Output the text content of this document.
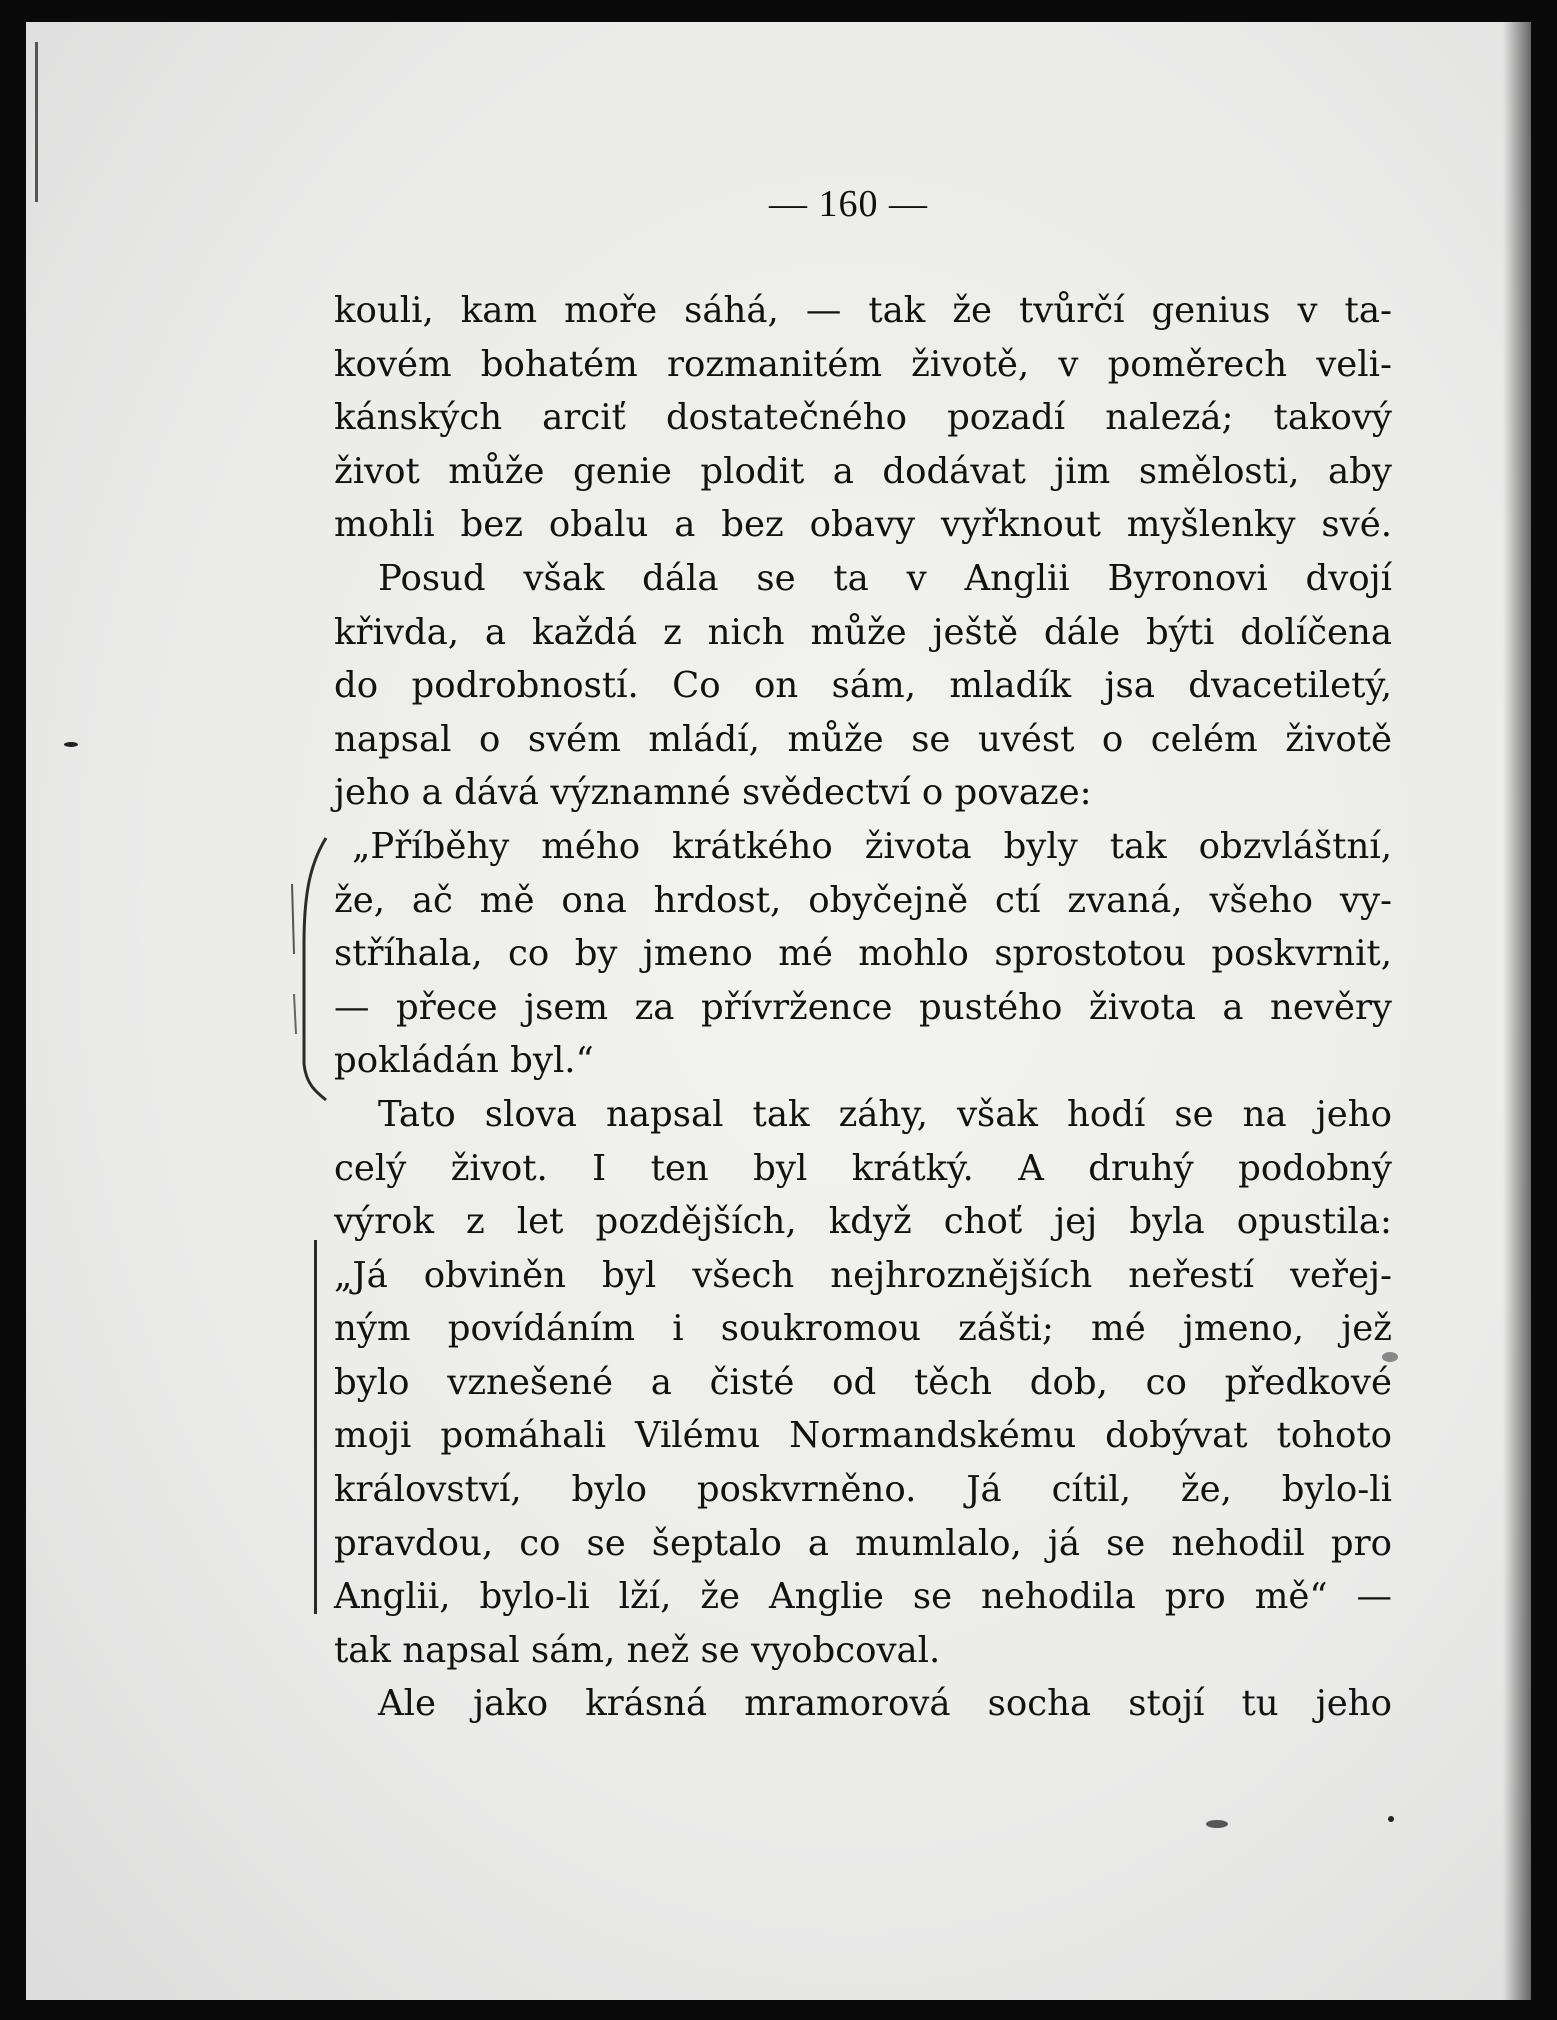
— 160 —
kouli, kam moře sáhá, — tak že tvůrčí genius v ta-
kovém bohatém rozmanitém životě, v poměrech veli-
kánských arciť dostatečného pozadí nalezá; takový
život může genie plodit a dodávat jim smělosti, aby
mohli bez obalu a bez obavy vyřknout myšlenky své.
Posud však dála se ta v Anglii Byronovi dvojí
křivda, a každá z nich může ještě dále býti dolíčena
do podrobností. Co on sám, mladík jsa dvacetiletý,
napsal o svém mládí, může se uvést o celém životě
jeho a dává významné svědectví o povaze:
„Příběhy mého krátkého života byly tak obzvláštní,
že, ač mě ona hrdost, obyčejně ctí zvaná, všeho vy-
stříhala, co by jmeno mé mohlo sprostotou poskvrnit,
— přece jsem za přívržence pustého života a nevěry
pokládán byl.“
Tato slova napsal tak záhy, však hodí se na jeho
celý život. I ten byl krátký. A druhý podobný
výrok z let pozdějších, když choť jej byla opustila:
„Já obviněn byl všech nejhroznějších neřestí veřej-
ným povídáním i soukromou zášti; mé jmeno, jež
bylo vznešené a čisté od těch dob, co předkové
moji pomáhali Vilému Normandskému dobývat tohoto
království, bylo poskvrněno. Já cítil, že, bylo-li
pravdou, co se šeptalo a mumlalo, já se nehodil pro
Anglii, bylo-li lží, že Anglie se nehodila pro mě“ —
tak napsal sám, než se vyobcoval.
Ale jako krásná mramorová socha stojí tu jeho
